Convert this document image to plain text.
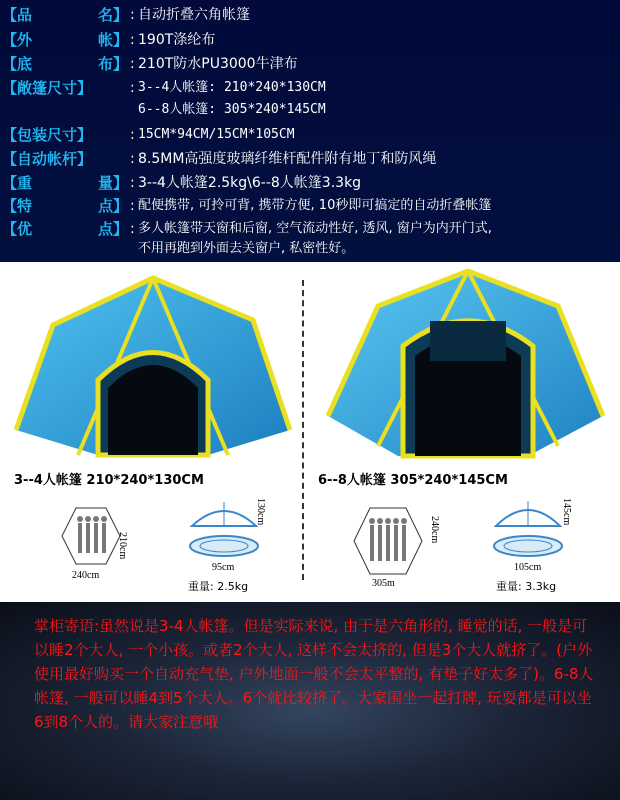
【品	名】 : 自动折叠六角帐篷
【外	帐】 : 190T涤纶布
【底	布】 : 210T防水PU3000牛津布
【敞篷尺寸】	: 3--4人帐篷: 210*240*130CM
6--8人帐篷: 305*240*145CM
【包装尺寸】	: 15CM*94CM/15CM*105CM
【自动帐杆】	: 8.5MM高强度玻璃纤维杆配件附有地丁和防风绳
【重	量】 : 3--4人帐篷2.5kg\6--8人帐篷3.3kg
【特	点】 : 配便携带, 可拎可背, 携带方便, 10秒即可搞定的自动折叠帐篷
【优	点】 : 多人帐篷带天窗和后窗, 空气流动性好, 透风, 窗户为内开门式,
不用再跑到外面去关窗户, 私密性好。
3--4人帐篷 210*240*130CM	6--8人帐篷 305*240*145CM
210cm
240cm
130cm
95cm
重量: 2.5kg
240cm
305m
145cm
105cm
重量: 3.3kg
掌柜寄语:虽然说是3-4人帐篷。但是实际来说, 由于是六角形的, 睡觉的话, 一般是可以睡2个大人, 一个小孩。或者2个大人, 这样不会太挤的, 但是3个大人就挤了。(户外使用最好购买一个自动充气垫, 户外地面一般不会太平整的, 有垫子好太多了)。6-8人帐篷, 一般可以睡4到5个大人。6个就比较挤了。大家围坐一起打牌, 玩耍都是可以坐6到8个人的。请大家注意哦
